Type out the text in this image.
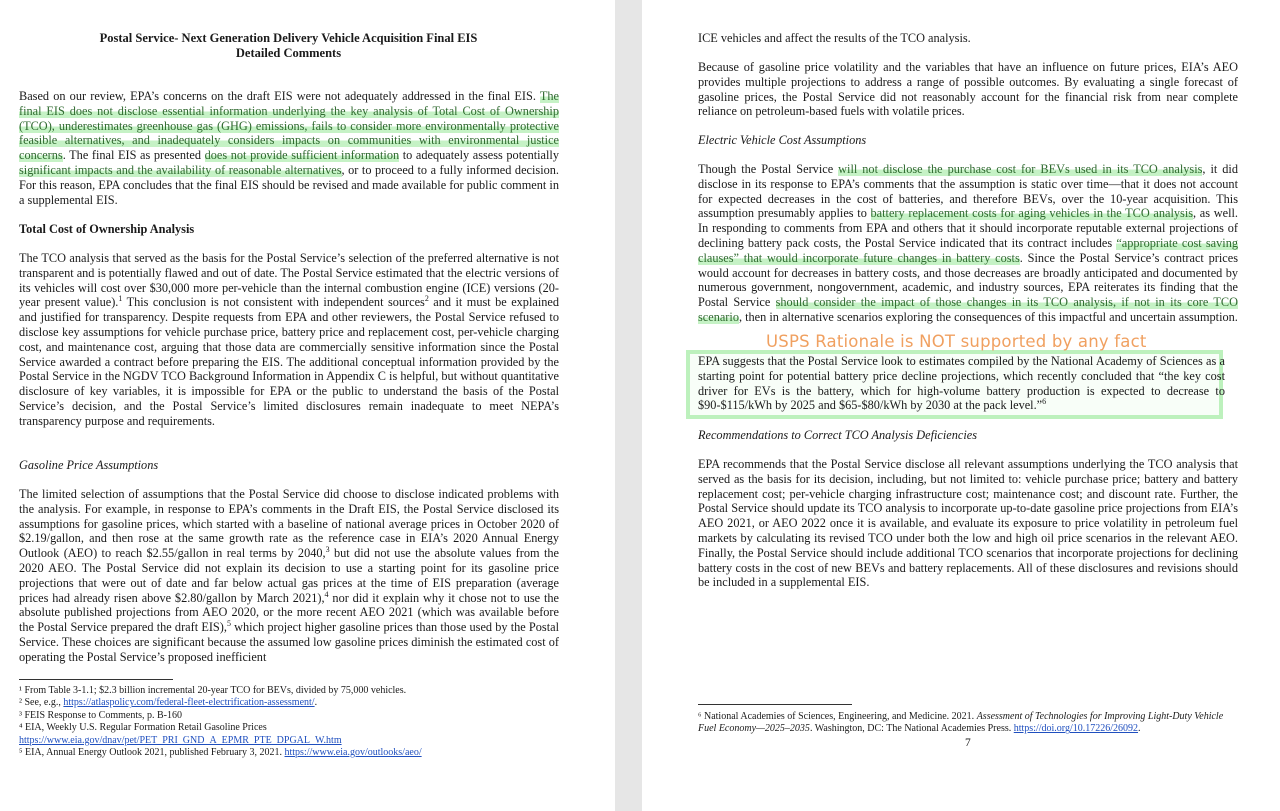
Postal Service- Next Generation Delivery Vehicle Acquisition Final EIS
Detailed Comments
Based on our review, EPA’s concerns on the draft EIS were not adequately addressed in the final EIS. The final EIS does not disclose essential information underlying the key analysis of Total Cost of Ownership (TCO), underestimates greenhouse gas (GHG) emissions, fails to consider more environmentally protective feasible alternatives, and inadequately considers impacts on communities with environmental justice concerns. The final EIS as presented does not provide sufficient information to adequately assess potentially significant impacts and the availability of reasonable alternatives, or to proceed to a fully informed decision. For this reason, EPA concludes that the final EIS should be revised and made available for public comment in a supplemental EIS.
Total Cost of Ownership Analysis
The TCO analysis that served as the basis for the Postal Service’s selection of the preferred alternative is not transparent and is potentially flawed and out of date. The Postal Service estimated that the electric versions of its vehicles will cost over $30,000 more per-vehicle than the internal combustion engine (ICE) versions (20-year present value).$^1$ This conclusion is not consistent with independent sources$^2$ and it must be explained and justified for transparency. Despite requests from EPA and other reviewers, the Postal Service refused to disclose key assumptions for vehicle purchase price, battery price and replacement cost, per-vehicle charging cost, and maintenance cost, arguing that those data are commercially sensitive information since the Postal Service awarded a contract before preparing the EIS. The additional conceptual information provided by the Postal Service in the NGDV TCO Background Information in Appendix C is helpful, but without quantitative disclosure of key variables, it is impossible for EPA or the public to understand the basis of the Postal Service’s decision, and the Postal Service’s limited disclosures remain inadequate to meet NEPA’s transparency purpose and requirements.
Gasoline Price Assumptions
The limited selection of assumptions that the Postal Service did choose to disclose indicated problems with the analysis. For example, in response to EPA’s comments in the Draft EIS, the Postal Service disclosed its assumptions for gasoline prices, which started with a baseline of national average prices in October 2020 of $2.19/gallon, and then rose at the same growth rate as the reference case in EIA’s 2020 Annual Energy Outlook (AEO) to reach $2.55/gallon in real terms by 2040,$^3$ but did not use the absolute values from the 2020 AEO. The Postal Service did not explain its decision to use a starting point for its gasoline price projections that were out of date and far below actual gas prices at the time of EIS preparation (average prices had already risen above $2.80/gallon by March 2021),$^4$ nor did it explain why it chose not to use the absolute published projections from AEO 2020, or the more recent AEO 2021 (which was available before the Postal Service prepared the draft EIS),$^5$ which project higher gasoline prices than those used by the Postal Service. These choices are significant because the assumed low gasoline prices diminish the estimated cost of operating the Postal Service’s proposed inefficient
¹ From Table 3-1.1; $2.3 billion incremental 20-year TCO for BEVs, divided by 75,000 vehicles.
² See, e.g., https://atlaspolicy.com/federal-fleet-electrification-assessment/.
³ FEIS Response to Comments, p. B-160
⁴ EIA, Weekly U.S. Regular Formation Retail Gasoline Prices
https://www.eia.gov/dnav/pet/PET_PRI_GND_A_EPMR_PTE_DPGAL_W.htm
⁵ EIA, Annual Energy Outlook 2021, published February 3, 2021. https://www.eia.gov/outlooks/aeo/
ICE vehicles and affect the results of the TCO analysis.
Because of gasoline price volatility and the variables that have an influence on future prices, EIA’s AEO provides multiple projections to address a range of possible outcomes. By evaluating a single forecast of gasoline prices, the Postal Service did not reasonably account for the financial risk from near complete reliance on petroleum-based fuels with volatile prices.
Electric Vehicle Cost Assumptions
Though the Postal Service will not disclose the purchase cost for BEVs used in its TCO analysis, it did disclose in its response to EPA’s comments that the assumption is static over time—that it does not account for expected decreases in the cost of batteries, and therefore BEVs, over the 10-year acquisition. This assumption presumably applies to battery replacement costs for aging vehicles in the TCO analysis, as well. In responding to comments from EPA and others that it should incorporate reputable external projections of declining battery pack costs, the Postal Service indicated that its contract includes “appropriate cost saving clauses” that would incorporate future changes in battery costs. Since the Postal Service’s contract prices would account for decreases in battery costs, and those decreases are broadly anticipated and documented by numerous government, nongovernment, academic, and industry sources, EPA reiterates its finding that the Postal Service should consider the impact of those changes in its TCO analysis, if not in its core TCO scenario, then in alternative scenarios exploring the consequences of this impactful and uncertain assumption.
EPA suggests that the Postal Service look to estimates compiled by the National Academy of Sciences as a starting point for potential battery price decline projections, which recently concluded that “the key cost driver for EVs is the battery, which for high-volume battery production is expected to decrease to $90-$115/kWh by 2025 and $65-$80/kWh by 2030 at the pack level.”$^6$
Recommendations to Correct TCO Analysis Deficiencies
EPA recommends that the Postal Service disclose all relevant assumptions underlying the TCO analysis that served as the basis for its decision, including, but not limited to: vehicle purchase price; battery and battery replacement cost; per-vehicle charging infrastructure cost; maintenance cost; and discount rate. Further, the Postal Service should update its TCO analysis to incorporate up-to-date gasoline price projections from EIA’s AEO 2021, or AEO 2022 once it is available, and evaluate its exposure to price volatility in petroleum fuel markets by calculating its revised TCO under both the low and high oil price scenarios in the relevant AEO. Finally, the Postal Service should include additional TCO scenarios that incorporate projections for declining battery costs in the cost of new BEVs and battery replacements. All of these disclosures and revisions should be included in a supplemental EIS.
USPS Rationale is NOT supported by any fact
⁶ National Academies of Sciences, Engineering, and Medicine. 2021. Assessment of Technologies for Improving Light-Duty Vehicle Fuel Economy—2025–2035. Washington, DC: The National Academies Press. https://doi.org/10.17226/26092.
7
